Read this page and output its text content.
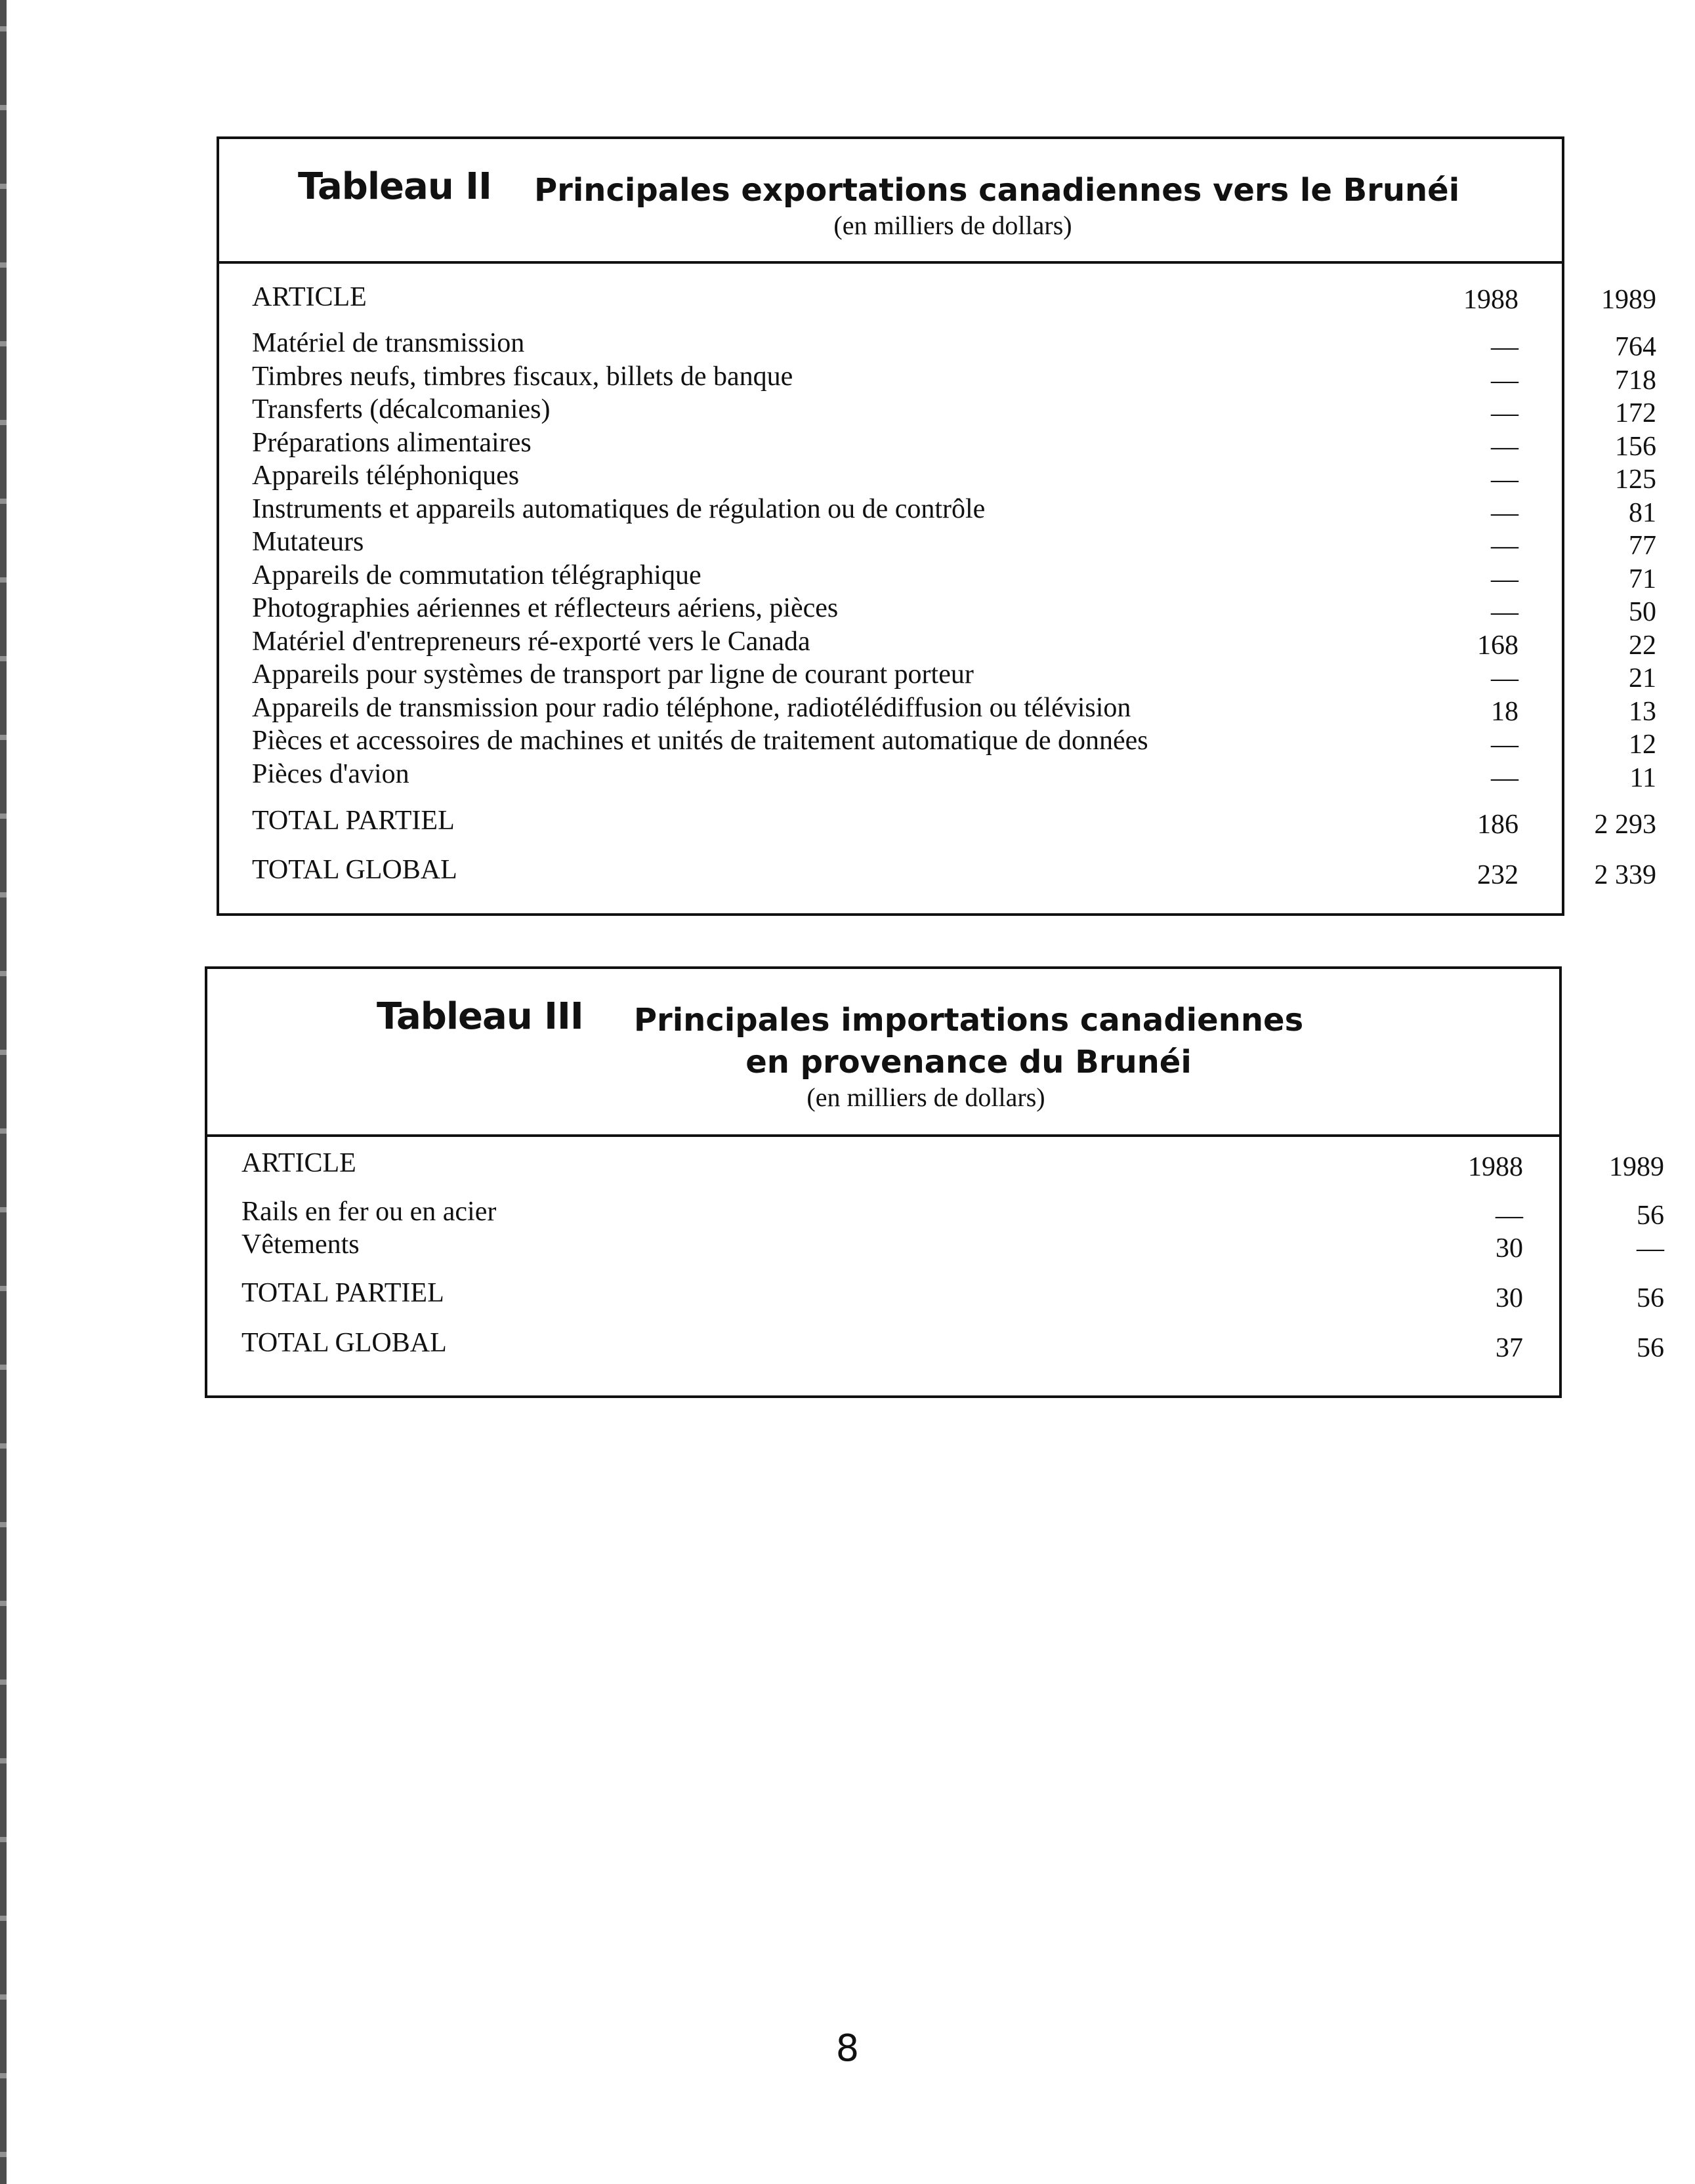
Tableau II Principales exportations canadiennes vers le Brunéi
(en milliers de dollars)
ARTICLE	1988	1989
Matériel de transmission	—	764
Timbres neufs, timbres fiscaux, billets de banque	—	718
Transferts (décalcomanies)	—	172
Préparations alimentaires	—	156
Appareils téléphoniques	—	125
Instruments et appareils automatiques de régulation ou de contrôle	—	81
Mutateurs	—	77
Appareils de commutation télégraphique	—	71
Photographies aériennes et réflecteurs aériens, pièces	—	50
Matériel d'entrepreneurs ré-exporté vers le Canada	168	22
Appareils pour systèmes de transport par ligne de courant porteur	—	21
Appareils de transmission pour radio téléphone, radiotélédiffusion ou télévision	18	13
Pièces et accessoires de machines et unités de traitement automatique de données	—	12
Pièces d'avion	—	11
TOTAL PARTIEL	186	2 293
TOTAL GLOBAL	232	2 339
Tableau III Principales importations canadiennes en provenance du Brunéi
(en milliers de dollars)
ARTICLE	1988	1989
Rails en fer ou en acier	—	56
Vêtements	30	—
TOTAL PARTIEL	30	56
TOTAL GLOBAL	37	56
8
